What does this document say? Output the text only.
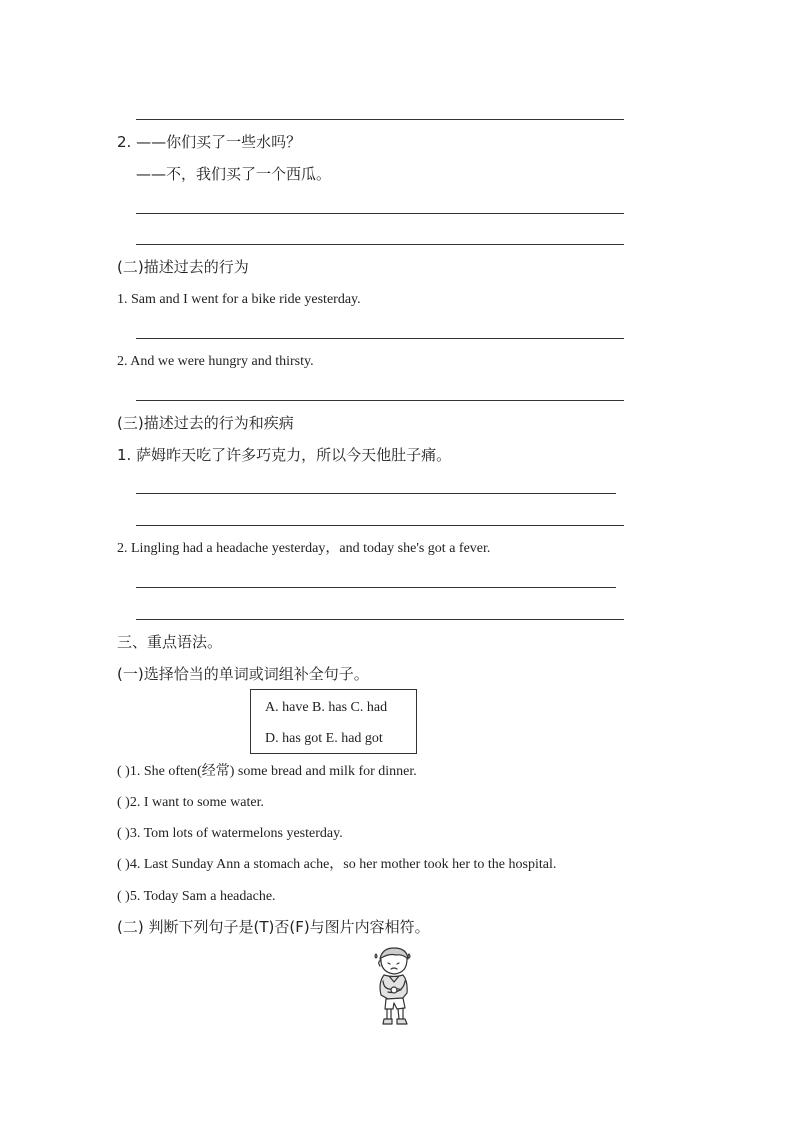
2. ——你们买了一些水吗？
——不，我们买了一个西瓜。
(二)描述过去的行为
1. Sam and I went for a bike ride yesterday.
2. And we were hungry and thirsty.
(三)描述过去的行为和疾病
1. 萨姆昨天吃了许多巧克力，所以今天他肚子痛。
2. Lingling had a headache yesterday，and today she's got a fever.
三、重点语法。
(一)选择恰当的单词或词组补全句子。
A. have B. has C. had
D. has got E. had got
( )1. She often(经常) some bread and milk for dinner.
( )2. I want to some water.
( )3. Tom lots of watermelons yesterday.
( )4. Last Sunday Ann a stomach ache，so her mother took her to the hospital.
( )5. Today Sam a headache.
(二) 判断下列句子是(T)否(F)与图片内容相符。
